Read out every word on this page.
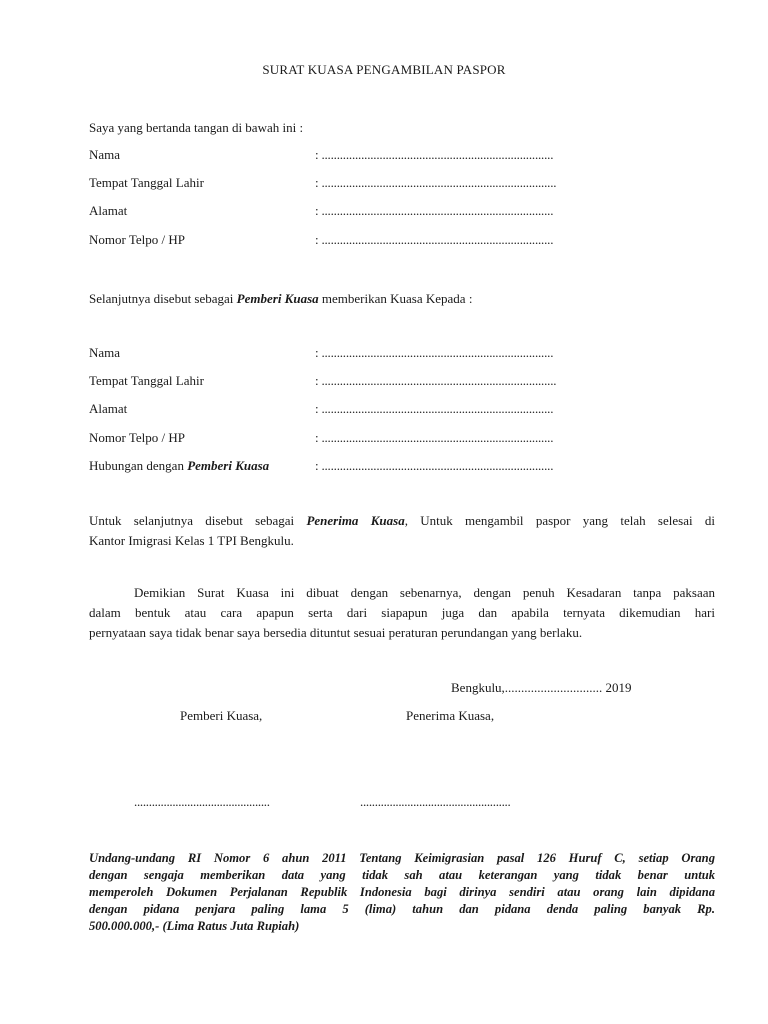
SURAT KUASA PENGAMBILAN PASPOR
Saya yang bertanda tangan di bawah ini :
Nama	: ............................................................................
Tempat Tanggal Lahir	: .............................................................................
Alamat	: ............................................................................
Nomor Telpo / HP	: ............................................................................
Selanjutnya disebut sebagai Pemberi Kuasa memberikan Kuasa Kepada :
Nama	: ............................................................................
Tempat Tanggal Lahir	: .............................................................................
Alamat	: ............................................................................
Nomor Telpo / HP	: ............................................................................
Hubungan dengan Pemberi Kuasa	: ............................................................................
Untuk selanjutnya disebut sebagai Penerima Kuasa, Untuk mengambil paspor yang telah selesai di
Kantor Imigrasi Kelas 1 TPI Bengkulu.
Demikian Surat Kuasa ini dibuat dengan sebenarnya, dengan penuh Kesadaran tanpa paksaan
dalam bentuk atau cara apapun serta dari siapapun juga dan apabila ternyata dikemudian hari
pernyataan saya tidak benar saya bersedia dituntut sesuai peraturan perundangan yang berlaku.
Bengkulu,.............................. 2019
Pemberi Kuasa,	Penerima Kuasa,
..............................................	...................................................
Undang-undang RI Nomor 6 ahun 2011 Tentang Keimigrasian pasal 126 Huruf C, setiap Orang
dengan sengaja memberikan data yang tidak sah atau keterangan yang tidak benar untuk
memperoleh Dokumen Perjalanan Republik Indonesia bagi dirinya sendiri atau orang lain dipidana
dengan pidana penjara paling lama 5 (lima) tahun dan pidana denda paling banyak Rp.
500.000.000,- (Lima Ratus Juta Rupiah)
